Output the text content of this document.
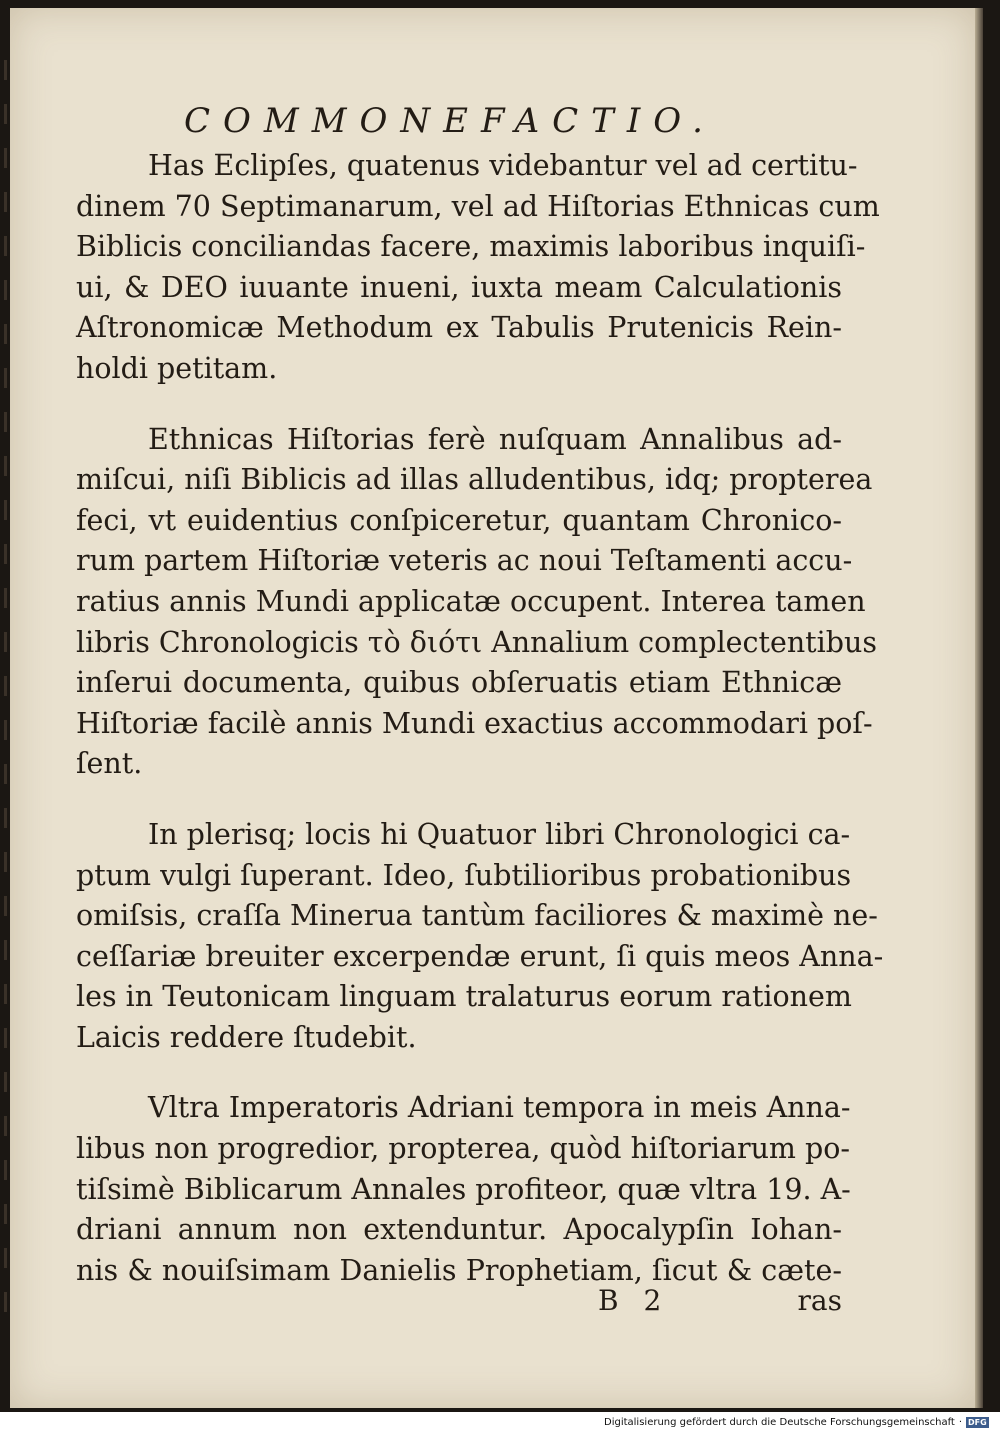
COMMONEFACTIO.

Has Eclipſes, quatenus videbantur vel ad certitu-
dinem 70 Septimanarum, vel ad Hiſtorias Ethnicas cum
Biblicis conciliandas facere, maximis laboribus inquiſi-
ui, & DEO iuuante inueni, iuxta meam Calculationis
Aſtronomicæ Methodum ex Tabulis Prutenicis Rein-
holdi petitam.

Ethnicas Hiſtorias ferè nuſquam Annalibus ad-
miſcui, niſi Biblicis ad illas alludentibus, idq; propterea
feci, vt euidentius conſpiceretur, quantam Chronico-
rum partem Hiſtoriæ veteris ac noui Teſtamenti accu-
ratius annis Mundi applicatæ occupent. Interea tamen
libris Chronologicis τὸ διότι Annalium complectentibus
inſerui documenta, quibus obſeruatis etiam Ethnicæ
Hiſtoriæ facilè annis Mundi exactius accommodari poſ-
ſent.

In plerisq; locis hi Quatuor libri Chronologici ca-
ptum vulgi ſuperant. Ideo, ſubtilioribus probationibus
omiſsis, craſſa Minerua tantùm faciliores & maximè ne-
ceſſariæ breuiter excerpendæ erunt, ſi quis meos Anna-
les in Teutonicam linguam tralaturus eorum rationem
Laicis reddere ſtudebit.

Vltra Imperatoris Adriani tempora in meis Anna-
libus non progredior, propterea, quòd hiſtoriarum po-
tiſsimè Biblicarum Annales profiteor, quæ vltra 19. A-
driani annum non extenduntur. Apocalypſin Iohan-
nis & nouiſsimam Danielis Prophetiam, ſicut & cæte-

B 2	ras
Digitalisierung gefördert durch die Deutsche Forschungsgemeinschaft · DFG
